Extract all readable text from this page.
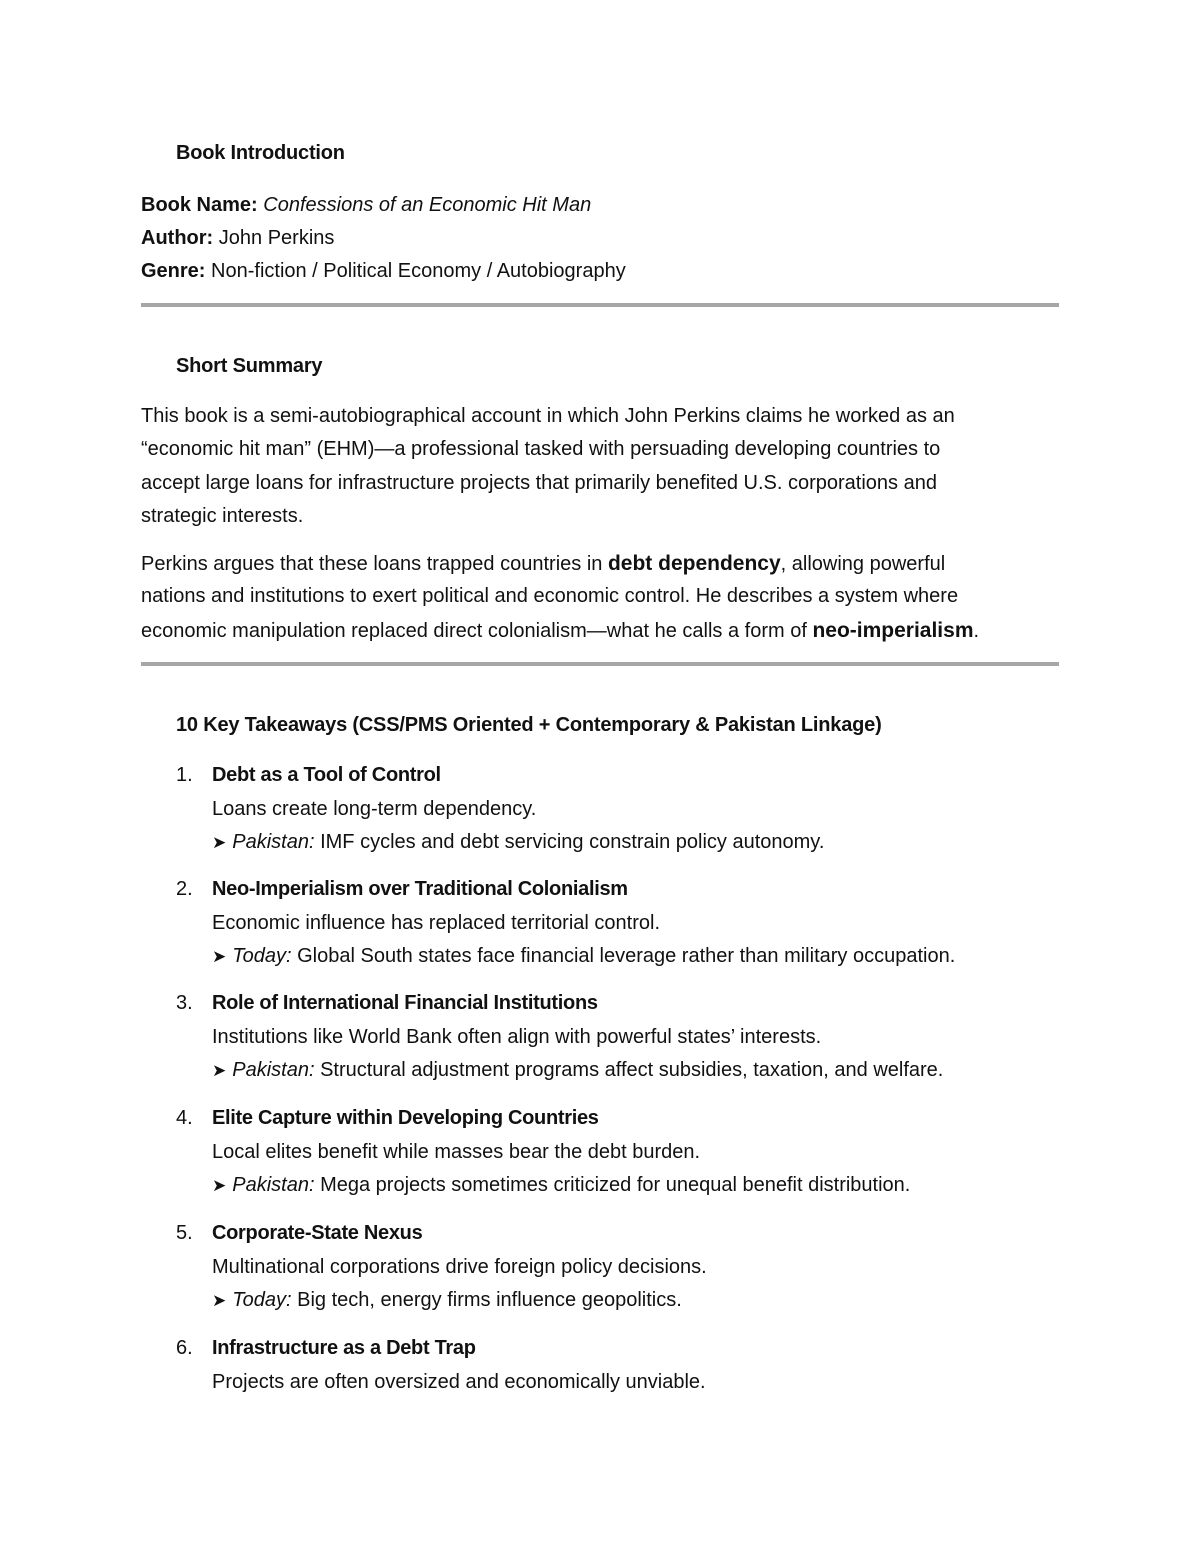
Book Introduction
Book Name: Confessions of an Economic Hit Man
Author: John Perkins
Genre: Non-fiction / Political Economy / Autobiography
Short Summary
This book is a semi-autobiographical account in which John Perkins claims he worked as an
“economic hit man” (EHM)—a professional tasked with persuading developing countries to
accept large loans for infrastructure projects that primarily benefited U.S. corporations and
strategic interests.
Perkins argues that these loans trapped countries in debt dependency, allowing powerful
nations and institutions to exert political and economic control. He describes a system where
economic manipulation replaced direct colonialism—what he calls a form of neo-imperialism.
10 Key Takeaways (CSS/PMS Oriented + Contemporary & Pakistan Linkage)
1. Debt as a Tool of Control
Loans create long-term dependency.
➤ Pakistan: IMF cycles and debt servicing constrain policy autonomy.
2. Neo-Imperialism over Traditional Colonialism
Economic influence has replaced territorial control.
➤ Today: Global South states face financial leverage rather than military occupation.
3. Role of International Financial Institutions
Institutions like World Bank often align with powerful states’ interests.
➤ Pakistan: Structural adjustment programs affect subsidies, taxation, and welfare.
4. Elite Capture within Developing Countries
Local elites benefit while masses bear the debt burden.
➤ Pakistan: Mega projects sometimes criticized for unequal benefit distribution.
5. Corporate-State Nexus
Multinational corporations drive foreign policy decisions.
➤ Today: Big tech, energy firms influence geopolitics.
6. Infrastructure as a Debt Trap
Projects are often oversized and economically unviable.
